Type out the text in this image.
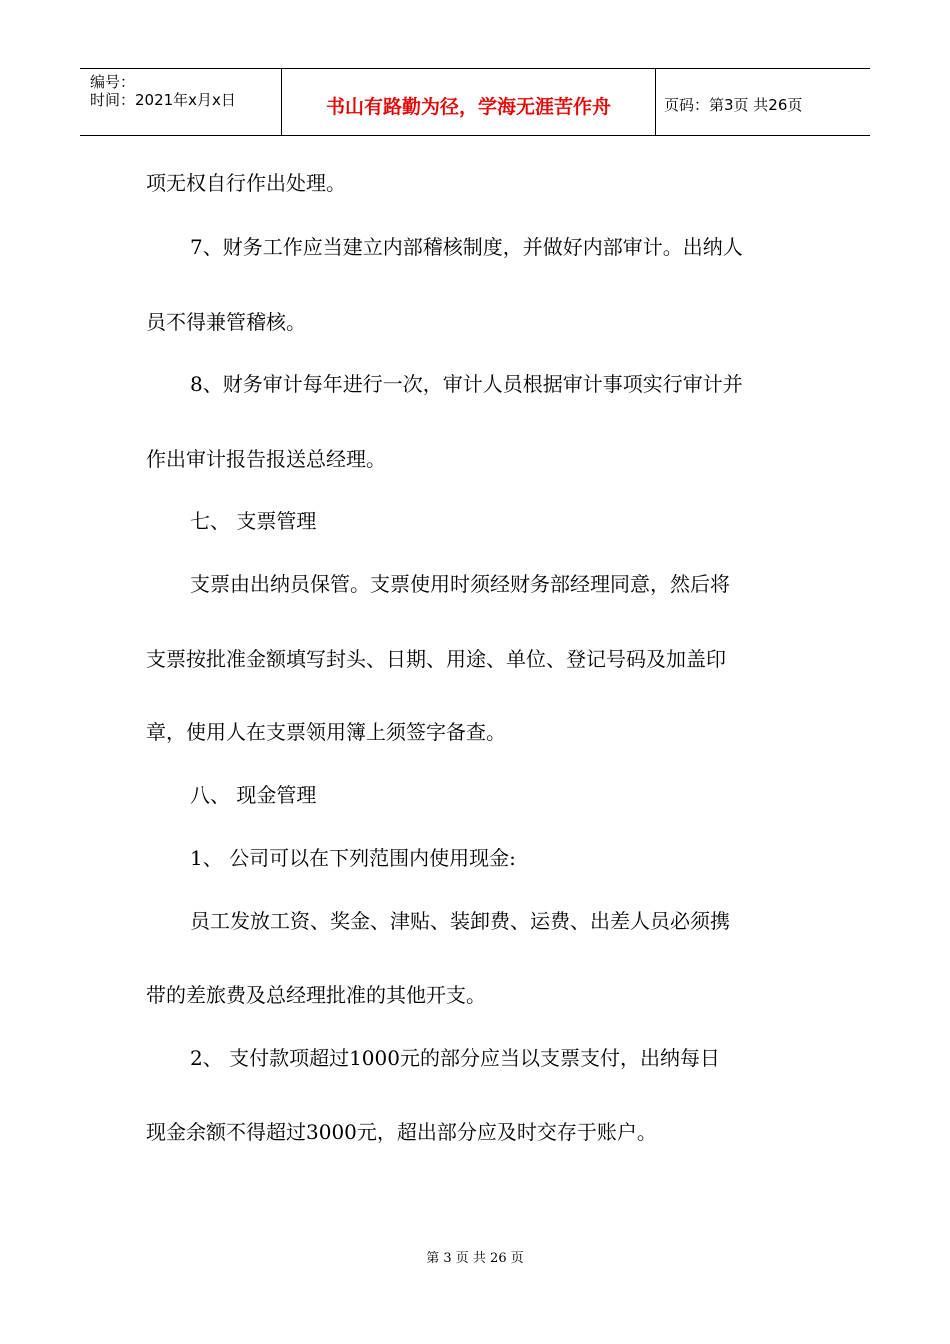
编号：
时间：2021年x月x日	书山有路勤为径，学海无涯苦作舟	页码：第3页 共26页
项无权自行作出处理。
7、财务工作应当建立内部稽核制度，并做好内部审计。出纳人
员不得兼管稽核。
8、财务审计每年进行一次，审计人员根据审计事项实行审计并
作出审计报告报送总经理。
七、 支票管理
支票由出纳员保管。支票使用时须经财务部经理同意，然后将
支票按批准金额填写封头、日期、用途、单位、登记号码及加盖印
章，使用人在支票领用簿上须签字备查。
八、 现金管理
1、 公司可以在下列范围内使用现金:
员工发放工资、奖金、津贴、装卸费、运费、出差人员必须携
带的差旅费及总经理批准的其他开支。
2、 支付款项超过1000元的部分应当以支票支付，出纳每日
现金余额不得超过3000元，超出部分应及时交存于账户。
第 3 页 共 26 页
